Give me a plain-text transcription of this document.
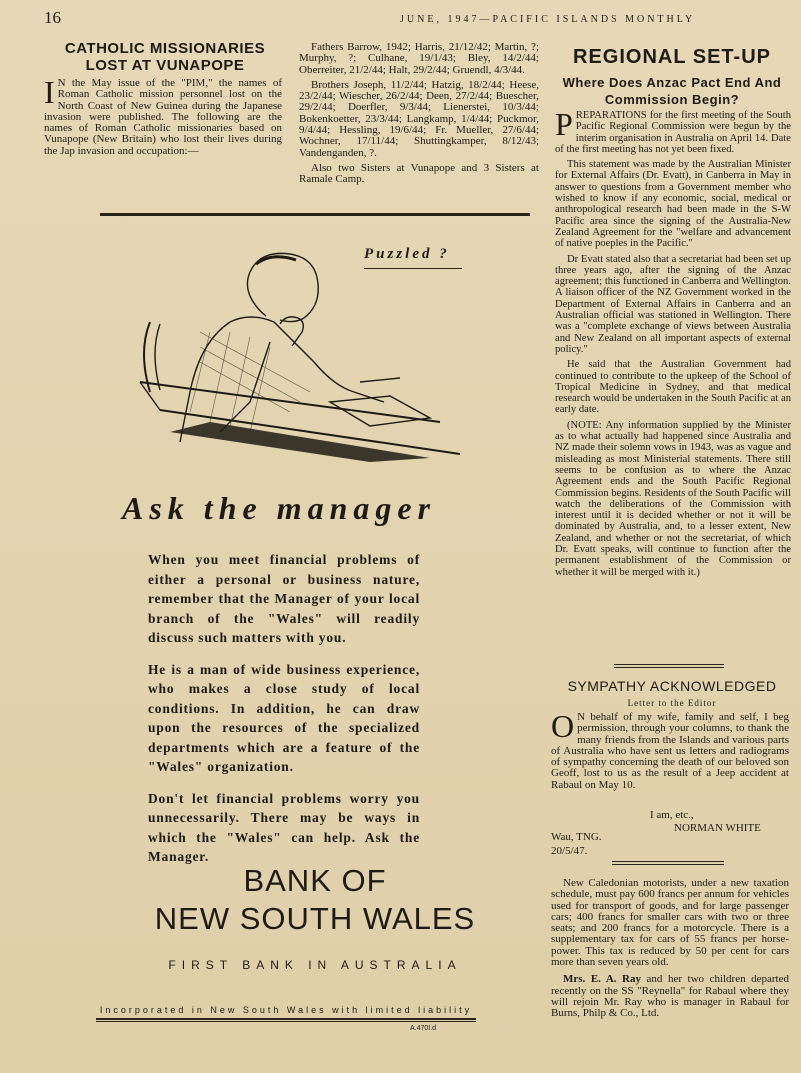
16	JUNE, 1947—PACIFIC ISLANDS MONTHLY
CATHOLIC MISSIONARIES LOST AT VUNAPOPE

I N the May issue of the "PIM," the names of Roman Catholic mission personnel lost on the North Coast of New Guinea during the Japanese invasion were published. The following are the names of Roman Catholic missionaries based on Vunapope (New Britain) who lost their lives during the Jap invasion and occupation:—

Fathers Barrow, 1942; Harris, 21/12/42; Martin, ?; Murphy, ?; Culhane, 19/1/43; Bley, 14/2/44; Oberreiter, 21/2/44; Halt, 29/2/44; Gruendl, 4/3/44.

Brothers Joseph, 11/2/44; Hatzig, 18/2/44; Heese, 23/2/44; Wiescher, 26/2/44; Deen, 27/2/44; Buescher, 29/2/44; Doerfler, 9/3/44; Lienerstei, 10/3/44; Bokenkoetter, 23/3/44; Langkamp, 1/4/44; Puckmor, 9/4/44; Hessling, 19/6/44; Fr. Mueller, 27/6/44; Wochner, 17/11/44; Shuttingkamper, 8/12/43; Vandenganden, ?.

Also two Sisters at Vunapope and 3 Sisters at Ramale Camp.

Puzzled ?
Ask the manager

When you meet financial problems of either a personal or business nature, remember that the Manager of your local branch of the "Wales" will readily discuss such matters with you.

He is a man of wide business experience, who makes a close study of local conditions. In addition, he can draw upon the resources of the specialized departments which are a feature of the "Wales" organization.

Don't let financial problems worry you unnecessarily. There may be ways in which the "Wales" can help. Ask the Manager.

BANK OF
NEW SOUTH WALES
FIRST BANK IN AUSTRALIA
Incorporated in New South Wales with limited liability
A.470I.d
REGIONAL SET-UP
Where Does Anzac Pact End And Commission Begin?

PREPARATIONS for the first meeting of the South Pacific Regional Commission were begun by the interim organisation in Australia on April 14. Date of the first meeting has not yet been fixed.

This statement was made by the Australian Minister for External Affairs (Dr. Evatt), in Canberra in May in answer to questions from a Government member who wished to know if any economic, social, medical or anthropological research had been made in the S-W Pacific area since the signing of the Australia-New Zealand Agreement for the "welfare and advancement of native poeples in the Pacific."

Dr Evatt stated also that a secretariat had been set up three years ago, after the signing of the Anzac agreement; this functioned in Canberra and Wellington. A liaison officer of the NZ Government worked in the Department of External Affairs in Canberra and an Australian official was stationed in Wellington. There was a "complete exchange of views between Australia and New Zealand on all important aspects of external policy."

He said that the Australian Government had continued to contribute to the upkeep of the School of Tropical Medicine in Sydney, and that medical research would be undertaken in the South Pacific at an early date.

(NOTE: Any information supplied by the Minister as to what actually had happened since Australia and NZ made their solemn vows in 1943, was as vague and misleading as most Ministerial statements. There still seems to be confusion as to where the Anzac Agreement ends and the South Pacific Regional Commission begins. Residents of the South Pacific will watch the deliberations of the Commission with interest until it is decided whether or not it will be dominated by Australia, and, to a lesser extent, New Zealand, and whether or not the secretariat, of which Dr. Evatt speaks, will continue to function after the permanent establishment of the Commission or whether it will be merged with it.)

SYMPATHY ACKNOWLEDGED
Letter to the Editor

O N behalf of my wife, family and self, I beg permission, through your columns, to thank the many friends from the Islands and various parts of Australia who have sent us letters and radiograms of sympathy concerning the death of our beloved son Geoff, lost to us as the result of a Jeep accident at Rabaul on May 10.

I am, etc.,
NORMAN WHITE
Wau, TNG.
20/5/47.

New Caledonian motorists, under a new taxation schedule, must pay 600 francs per annum for vehicles used for transport of goods, and for large passenger cars; 400 francs for smaller cars with two or three seats; and 200 francs for a motorcycle. There is a supplementary tax for cars of 55 francs per horse-power. This tax is reduced by 50 per cent for cars more than seven years old.

Mrs. E. A. Ray and her two children departed recently on the SS "Reynella" for Rabaul where they will rejoin Mr. Ray who is manager in Rabaul for Burns, Philp & Co., Ltd.
